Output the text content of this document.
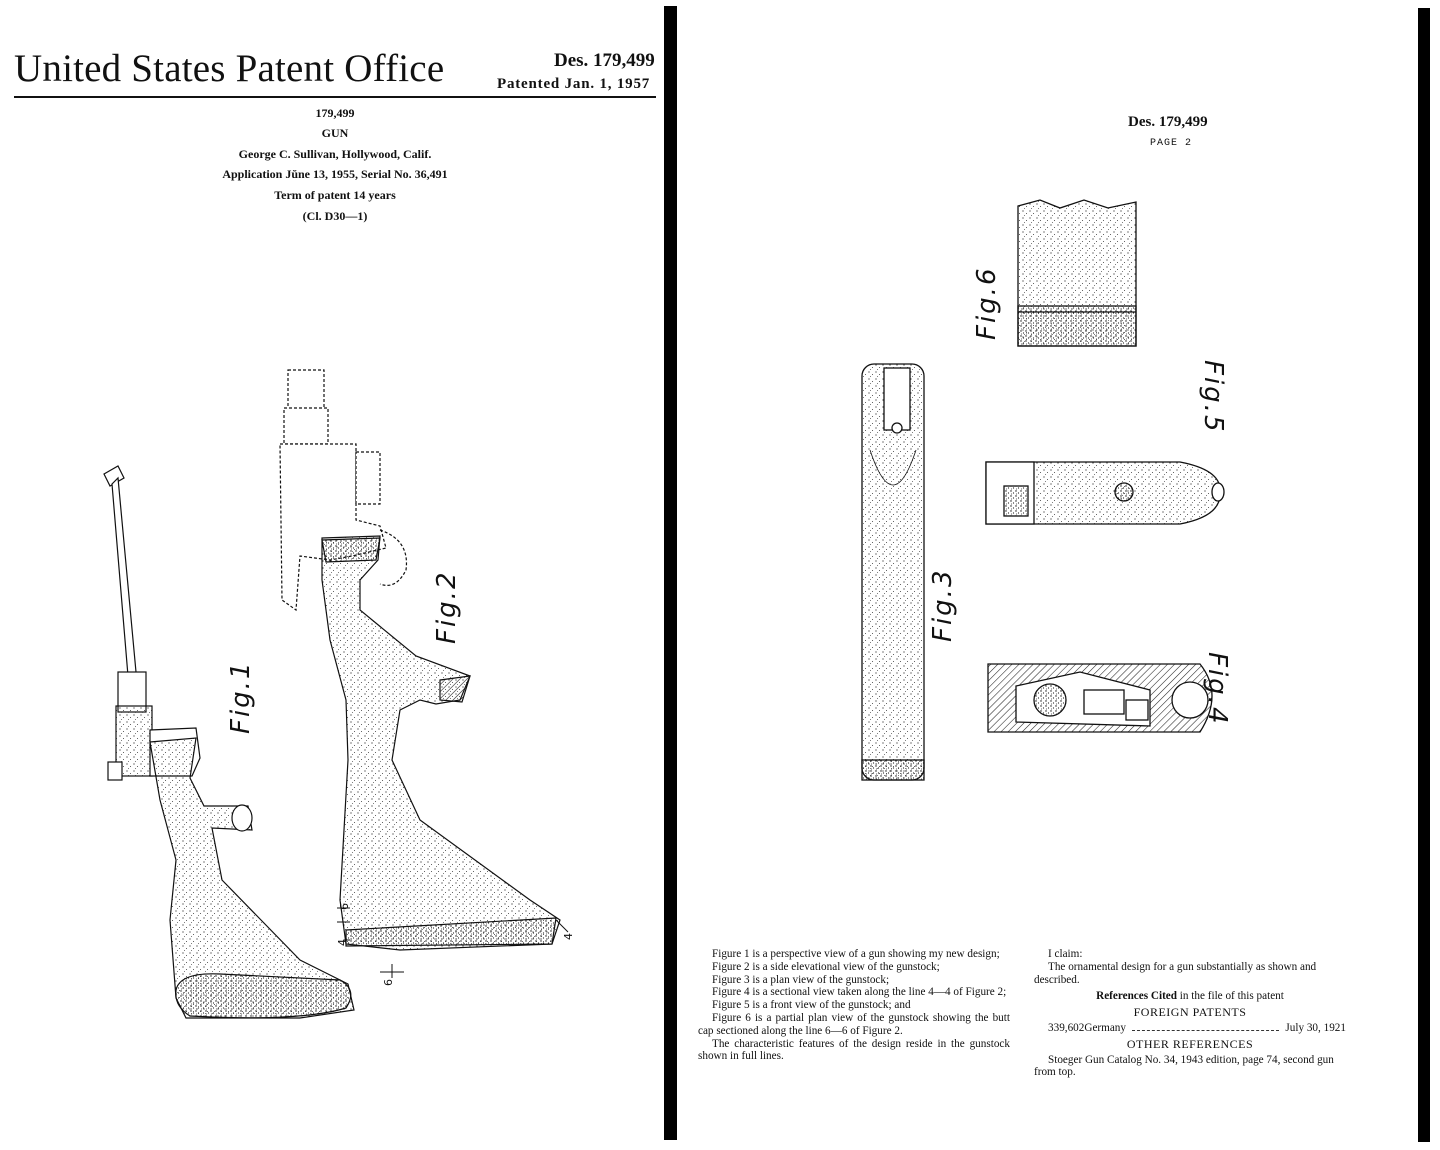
United States Patent Office	Des. 179,499
Patented Jan. 1, 1957
179,499
GUN
George C. Sullivan, Hollywood, Calif.
Application Jŭne 13, 1955, Serial No. 36,491
Term of patent 14 years
(Cl. D30—1)
Fig.1
Fig.2
6
4
6
4
Des. 179,499
PAGE 2
Fig.6
Fig.3
Fig.5
Fig.4

Figure 1 is a perspective view of a gun showing my new design;

Figure 2 is a side elevational view of the gunstock;

Figure 3 is a plan view of the gunstock;

Figure 4 is a sectional view taken along the line 4—4 of Figure 2;

Figure 5 is a front view of the gunstock; and

Figure 6 is a partial plan view of the gunstock showing the butt cap sectioned along the line 6—6 of Figure 2.

The characteristic features of the design reside in the gunstock shown in full lines.

I claim:

The ornamental design for a gun substantially as shown and described.

References Cited in the file of this patent

FOREIGN PATENTS

339,602 Germany	July 30, 1921

OTHER REFERENCES

Stoeger Gun Catalog No. 34, 1943 edition, page 74, second gun from top.
